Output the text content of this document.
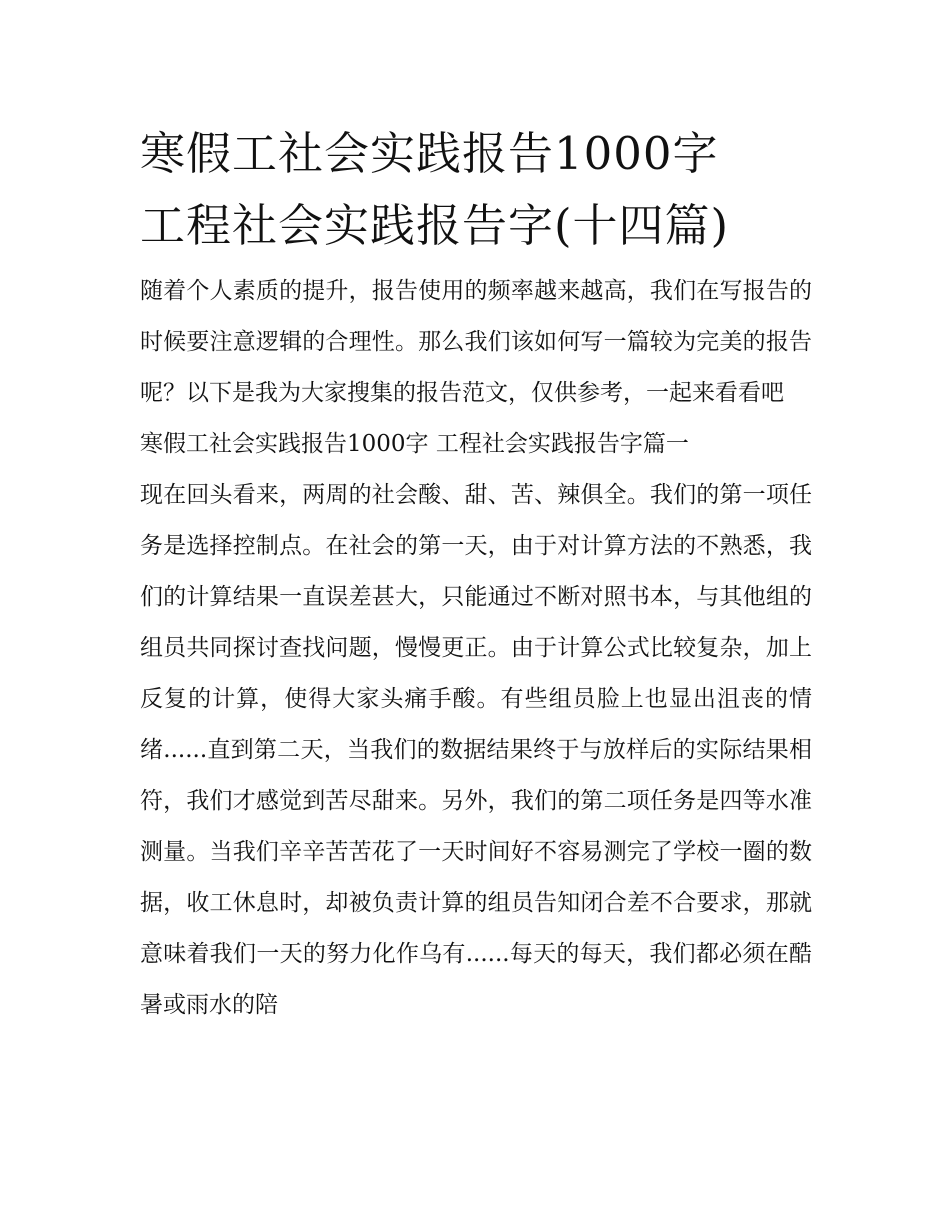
寒假工社会实践报告1000字
工程社会实践报告字(十四篇)

随着个人素质的提升，报告使用的频率越来越高，我们在写报告的时候要注意逻辑的合理性。那么我们该如何写一篇较为完美的报告呢？以下是我为大家搜集的报告范文，仅供参考，一起来看看吧

寒假工社会实践报告1000字 工程社会实践报告字篇一

现在回头看来，两周的社会酸、甜、苦、辣俱全。我们的第一项任务是选择控制点。在社会的第一天，由于对计算方法的不熟悉，我们的计算结果一直误差甚大，只能通过不断对照书本，与其他组的组员共同探讨查找问题，慢慢更正。由于计算公式比较复杂，加上反复的计算，使得大家头痛手酸。有些组员脸上也显出沮丧的情绪......直到第二天，当我们的数据结果终于与放样后的实际结果相符，我们才感觉到苦尽甜来。另外，我们的第二项任务是四等水准测量。当我们辛辛苦苦花了一天时间好不容易测完了学校一圈的数据，收工休息时，却被负责计算的组员告知闭合差不合要求，那就意味着我们一天的努力化作乌有......每天的每天，我们都必须在酷暑或雨水的陪
